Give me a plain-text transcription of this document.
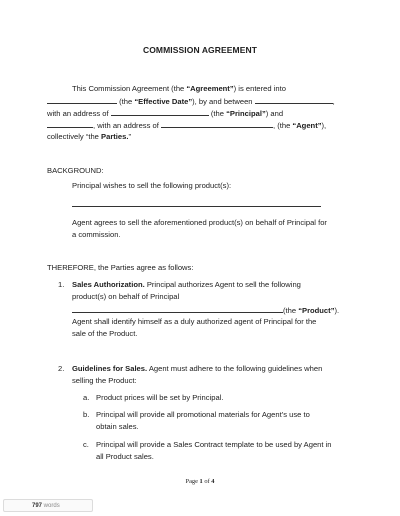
COMMISSION AGREEMENT
This Commission Agreement (the “Agreement”) is entered into
(the “Effective Date”), by and between	,
with an address of	(the “Principal”) and
, with an address of	, (the “Agent”),
collectively “the Parties.”
BACKGROUND:
Principal wishes to sell the following product(s):
Agent agrees to sell the aforementioned product(s) on behalf of Principal for
a commission.
THEREFORE, the Parties agree as follows:
1. Sales Authorization. Principal authorizes Agent to sell the following
product(s) on behalf of Principal
(the “Product”).
Agent shall identify himself as a duly authorized agent of Principal for the
sale of the Product.
2. Guidelines for Sales. Agent must adhere to the following guidelines when
selling the Product:
a. Product prices will be set by Principal.
b. Principal will provide all promotional materials for Agent’s use to
obtain sales.
c. Principal will provide a Sales Contract template to be used by Agent in
all Product sales.
Page 1 of 4
797 words
